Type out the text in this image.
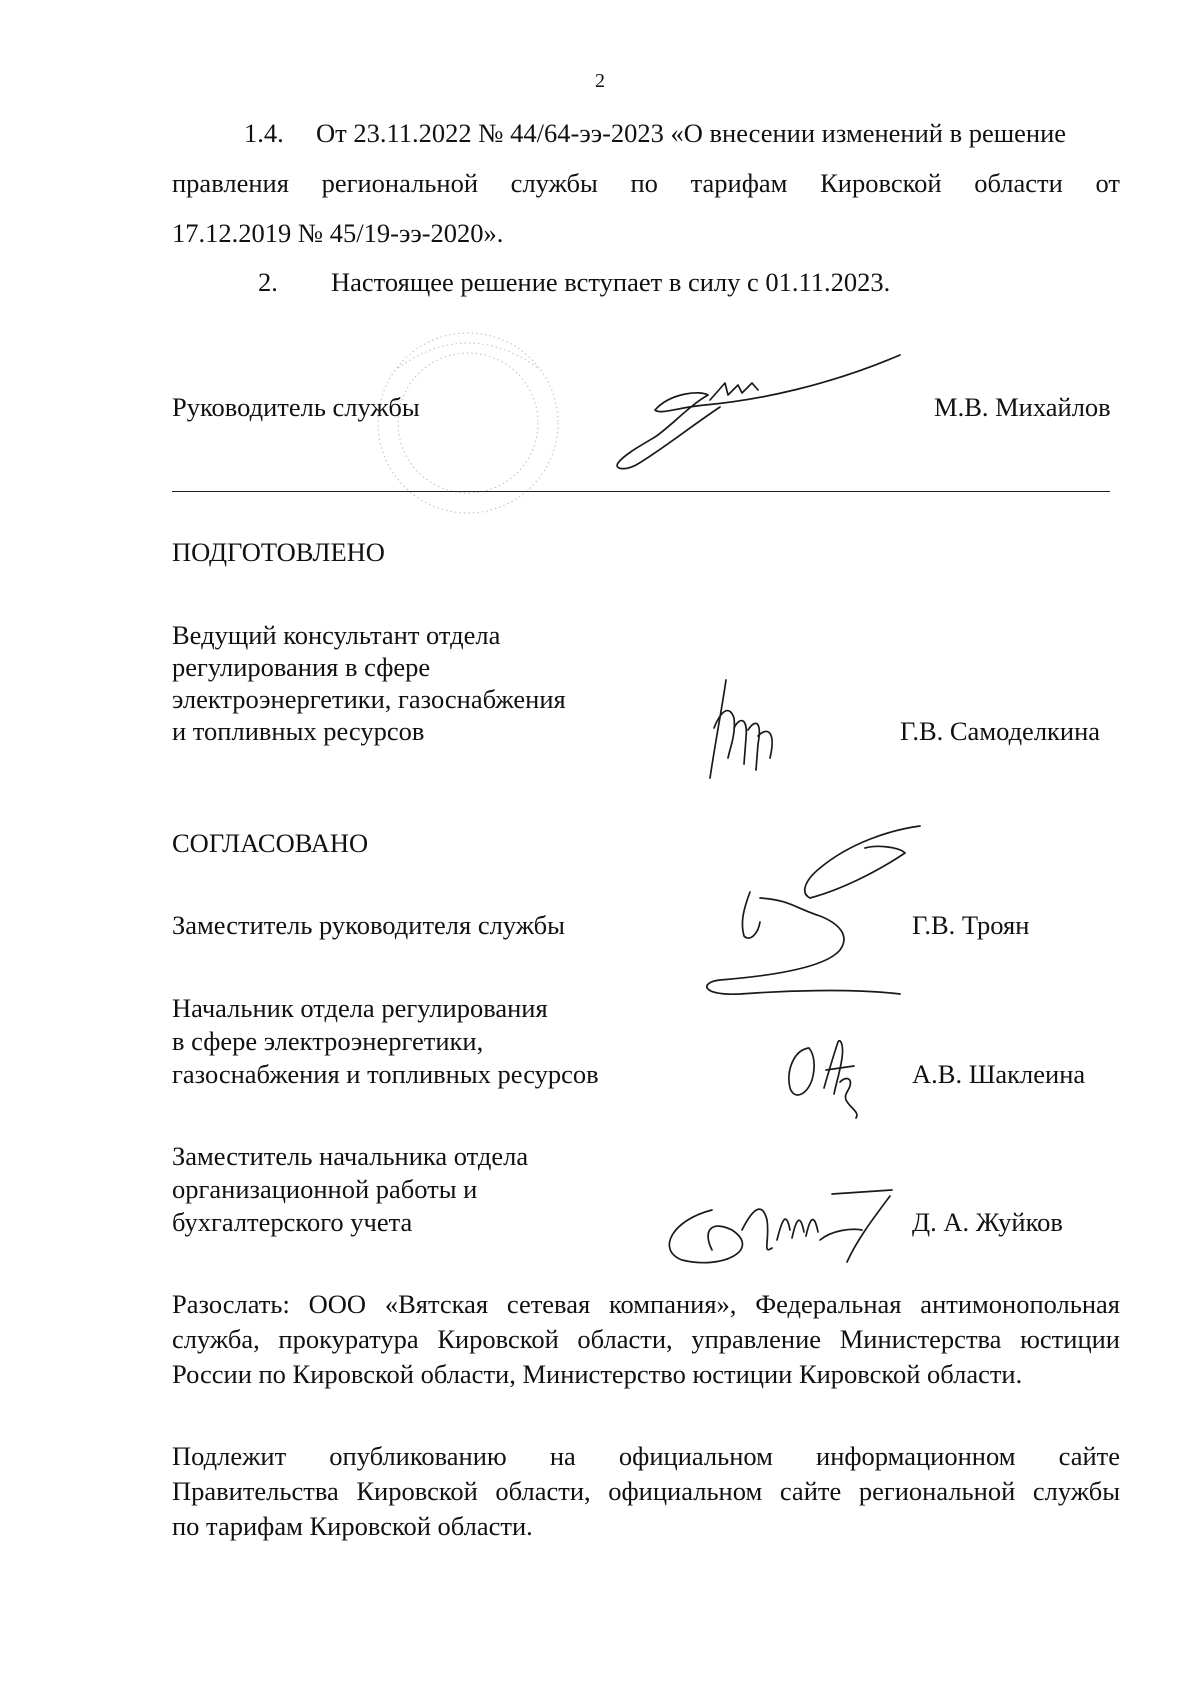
2
1.4. От 23.11.2022 № 44/64-ээ-2023 «О внесении изменений в решение
правления региональной службы по тарифам Кировской области от
17.12.2019 № 45/19-ээ-2020».
2. Настоящее решение вступает в силу с 01.11.2023.
Руководитель службы	М.В. Михайлов
ПОДГОТОВЛЕНО
Ведущий консультант отдела
регулирования в сфере
электроэнергетики, газоснабжения
и топливных ресурсов	Г.В. Самоделкина
СОГЛАСОВАНО
Заместитель руководителя службы	Г.В. Троян
Начальник отдела регулирования
в сфере электроэнергетики,
газоснабжения и топливных ресурсов	А.В. Шаклеина
Заместитель начальника отдела
организационной работы и
бухгалтерского учета	Д. А. Жуйков
Разослать: ООО «Вятская сетевая компания», Федеральная антимонопольная
служба, прокуратура Кировской области, управление Министерства юстиции
России по Кировской области, Министерство юстиции Кировской области.
Подлежит опубликованию на официальном информационном сайте
Правительства Кировской области, официальном сайте региональной службы
по тарифам Кировской области.
